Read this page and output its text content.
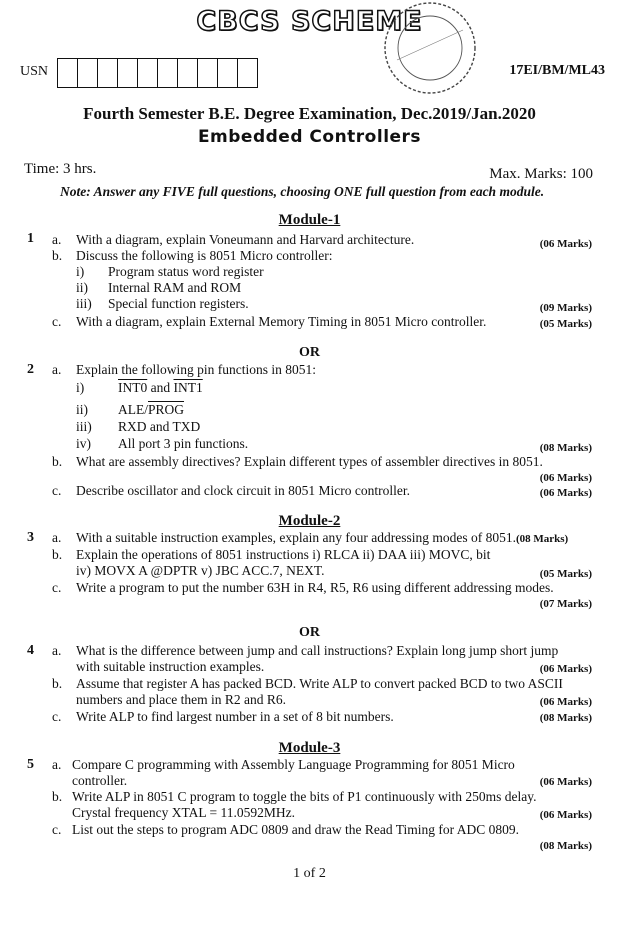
CBCS SCHEME
USN	17EI/BM/ML43
Fourth Semester B.E. Degree Examination, Dec.2019/Jan.2020
Embedded Controllers
Time: 3 hrs.	Max. Marks: 100
Note: Answer any FIVE full questions, choosing ONE full question from each module.
Module-1
1 a. With a diagram, explain Voneumann and Harvard architecture.	(06 Marks)
b. Discuss the following is 8051 Micro controller:
i) Program status word register
ii) Internal RAM and ROM
iii) Special function registers.	(09 Marks)
c. With a diagram, explain External Memory Timing in 8051 Micro controller.	(05 Marks)
OR
2 a. Explain the following pin functions in 8051:
i)	INT0 and INT1
ii) ALE/PROG
iii) RXD and TXD
iv) All port 3 pin functions.	(08 Marks)
b. What are assembly directives? Explain different types of assembler directives in 8051.
(06 Marks)
c. Describe oscillator and clock circuit in 8051 Micro controller.	(06 Marks)
Module-2
3 a. With a suitable instruction examples, explain any four addressing modes of 8051.(08 Marks)
b. Explain the operations of 8051 instructions i) RLCA ii) DAA iii) MOVC, bit
iv) MOVX A @DPTR v) JBC ACC.7, NEXT.	(05 Marks)
c. Write a program to put the number 63H in R4, R5, R6 using different addressing modes.
(07 Marks)
OR
4 a. What is the difference between jump and call instructions? Explain long jump short jump
with suitable instruction examples.	(06 Marks)
b. Assume that register A has packed BCD. Write ALP to convert packed BCD to two ASCII
numbers and place them in R2 and R6.	(06 Marks)
c. Write ALP to find largest number in a set of 8 bit numbers.	(08 Marks)
Module-3
5 a. Compare C programming with Assembly Language Programming for 8051 Micro
controller.	(06 Marks)
b. Write ALP in 8051 C program to toggle the bits of P1 continuously with 250ms delay.
Crystal frequency XTAL = 11.0592MHz.	(06 Marks)
c. List out the steps to program ADC 0809 and draw the Read Timing for ADC 0809.
(08 Marks)
1 of 2
